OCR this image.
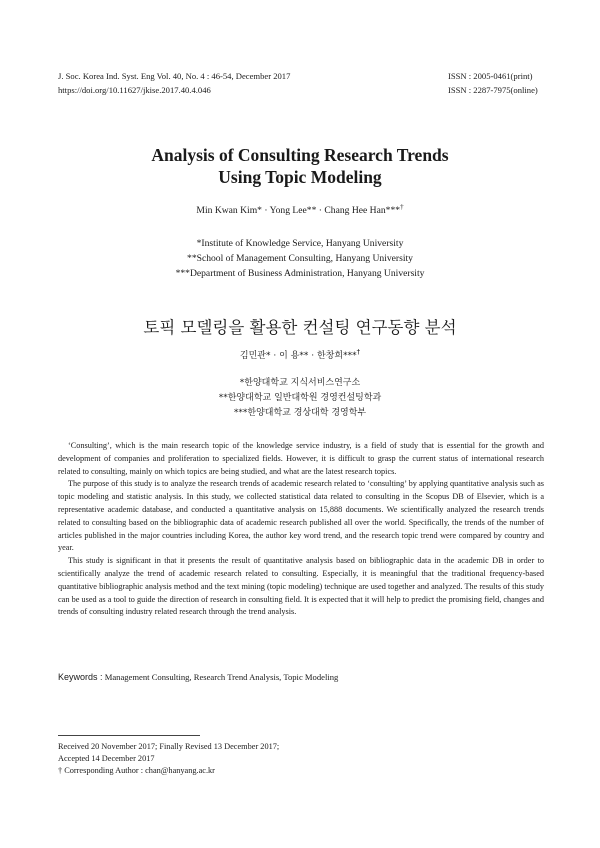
J. Soc. Korea Ind. Syst. Eng Vol. 40, No. 4 : 46-54, December 2017
https://doi.org/10.11627/jkise.2017.40.4.046
ISSN : 2005-0461(print)
ISSN : 2287-7975(online)
Analysis of Consulting Research Trends
Using Topic Modeling
Min Kwan Kim* · Yong Lee** · Chang Hee Han***†
*Institute of Knowledge Service, Hanyang University
**School of Management Consulting, Hanyang University
***Department of Business Administration, Hanyang University
토픽 모델링을 활용한 컨설팅 연구동향 분석
김민관* · 이 용** · 한창희***†
*한양대학교 지식서비스연구소
**한양대학교 일반대학원 경영컨설팅학과
***한양대학교 경상대학 경영학부

‘Consulting’, which is the main research topic of the knowledge service industry, is a field of study that is essential for the growth and development of companies and proliferation to specialized fields. However, it is difficult to grasp the current status of international research related to consulting, mainly on which topics are being studied, and what are the latest research topics.

The purpose of this study is to analyze the research trends of academic research related to ‘consulting’ by applying quantitative analysis such as topic modeling and statistic analysis. In this study, we collected statistical data related to consulting in the Scopus DB of Elsevier, which is a representative academic database, and conducted a quantitative analysis on 15,888 documents. We scientifically analyzed the research trends related to consulting based on the bibliographic data of academic research published all over the world. Specifically, the trends of the number of articles published in the major countries including Korea, the author key word trend, and the research topic trend were compared by country and year.

This study is significant in that it presents the result of quantitative analysis based on bibliographic data in the academic DB in order to scientifically analyze the trend of academic research related to consulting. Especially, it is meaningful that the traditional frequency-based quantitative bibliographic analysis method and the text mining (topic modeling) technique are used together and analyzed. The results of this study can be used as a tool to guide the direction of research in consulting field. It is expected that it will help to predict the promising field, changes and trends of consulting industry related research through the trend analysis.

Keywords : Management Consulting, Research Trend Analysis, Topic Modeling
Received 20 November 2017; Finally Revised 13 December 2017;
Accepted 14 December 2017
† Corresponding Author : chan@hanyang.ac.kr
